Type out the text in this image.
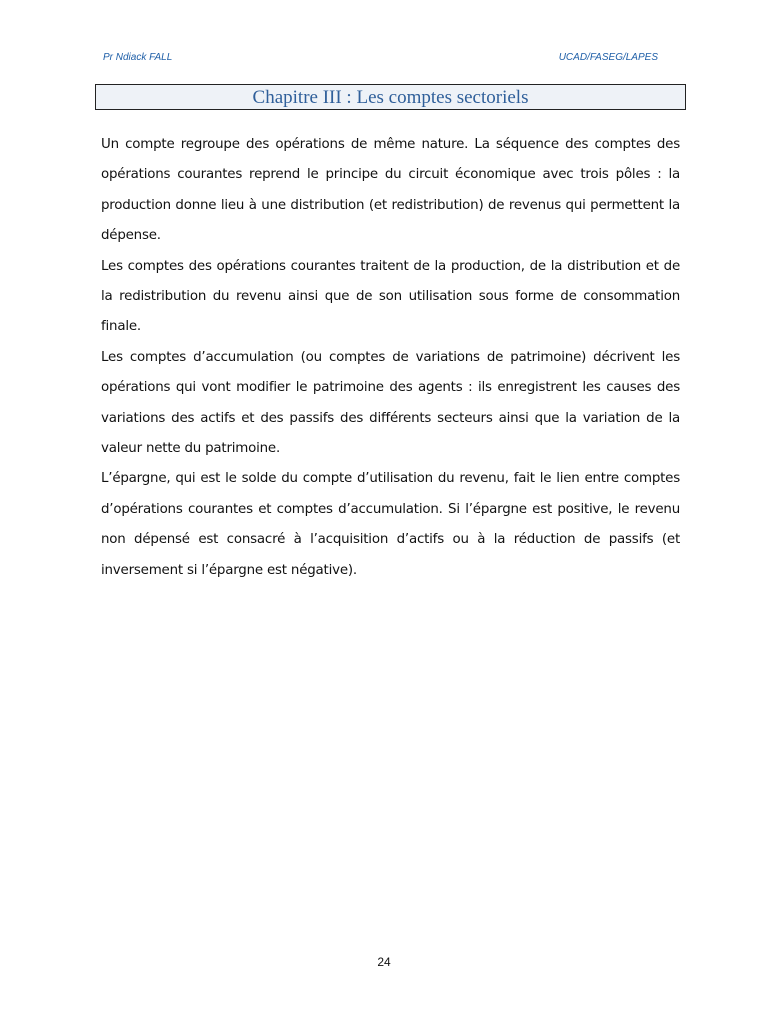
Pr Ndiack FALL	UCAD/FASEG/LAPES
Chapitre III : Les comptes sectoriels

Un compte regroupe des opérations de même nature. La séquence des comptes des opérations courantes reprend le principe du circuit économique avec trois pôles : la production donne lieu à une distribution (et redistribution) de revenus qui permettent la dépense.

Les comptes des opérations courantes traitent de la production, de la distribution et de la redistribution du revenu ainsi que de son utilisation sous forme de consommation finale.

Les comptes d’accumulation (ou comptes de variations de patrimoine) décrivent les opérations qui vont modifier le patrimoine des agents : ils enregistrent les causes des variations des actifs et des passifs des différents secteurs ainsi que la variation de la valeur nette du patrimoine.

L’épargne, qui est le solde du compte d’utilisation du revenu, fait le lien entre comptes d’opérations courantes et comptes d’accumulation. Si l’épargne est positive, le revenu non dépensé est consacré à l’acquisition d’actifs ou à la réduction de passifs (et inversement si l’épargne est négative).

24
